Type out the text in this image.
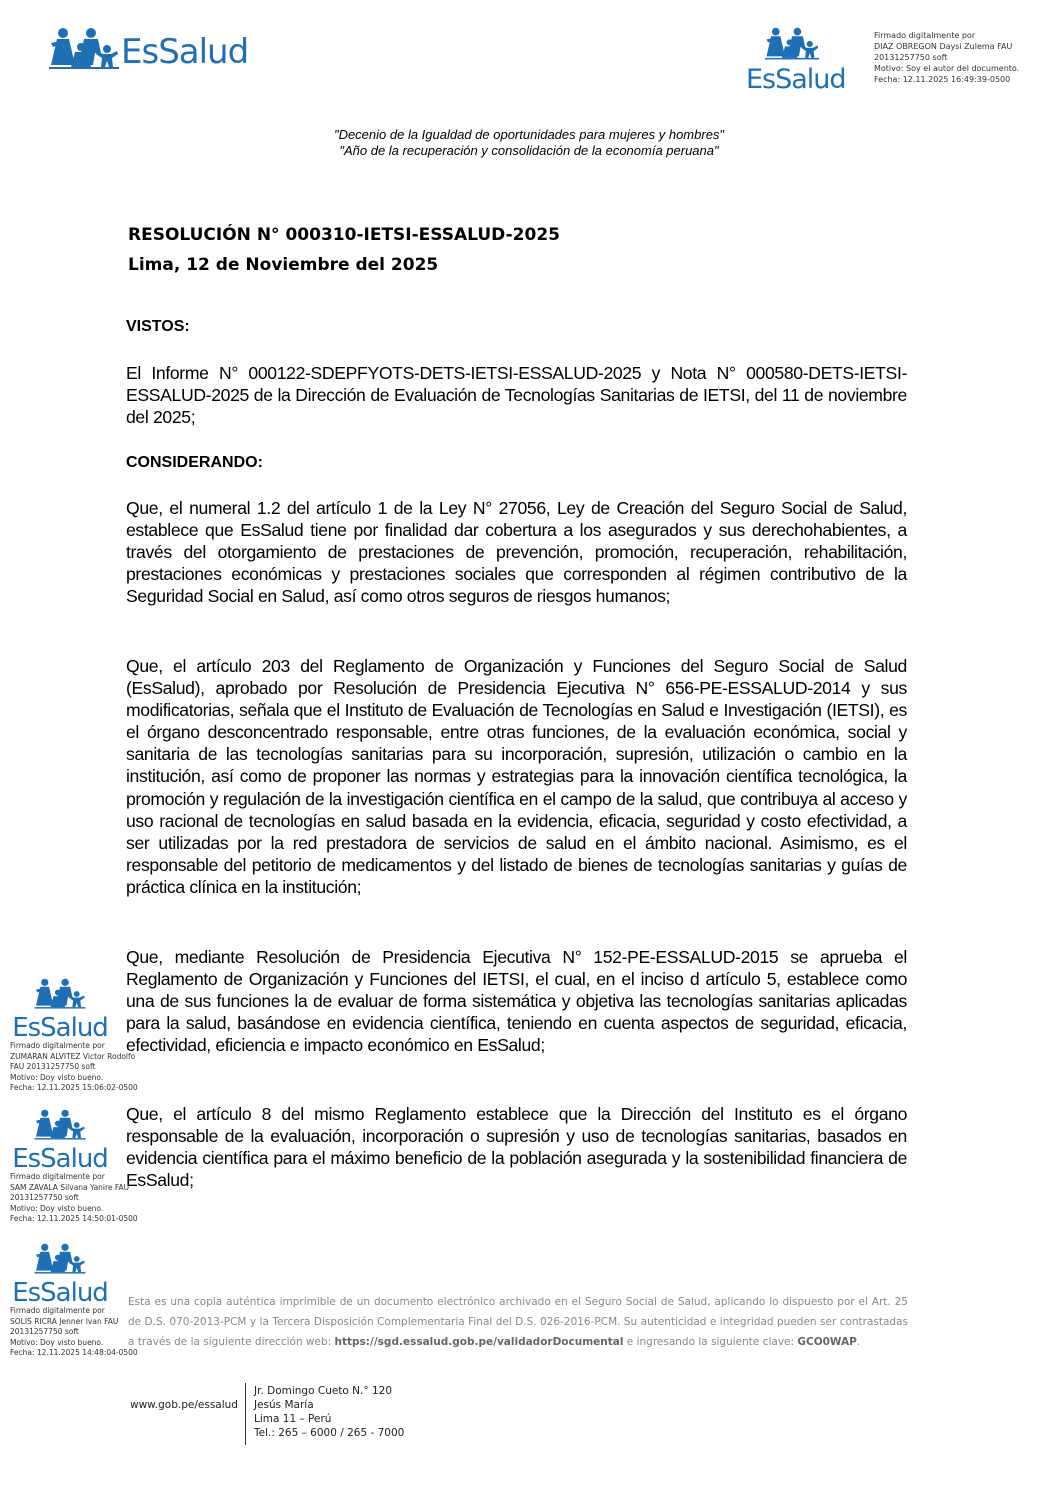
EsSalud
EsSalud
Firmado digitalmente por
DIAZ OBREGON Daysi Zulema FAU
20131257750 soft
Motivo: Soy el autor del documento.
Fecha: 12.11.2025 16:49:39-0500
"Decenio de la Igualdad de oportunidades para mujeres y hombres"
"Año de la recuperación y consolidación de la economía peruana"
RESOLUCIÓN N° 000310-IETSI-ESSALUD-2025
Lima, 12 de Noviembre del 2025
VISTOS:
El Informe N° 000122-SDEPFYOTS-DETS-IETSI-ESSALUD-2025 y Nota N° 000580-DETS-IETSI-ESSALUD-2025 de la Dirección de Evaluación de Tecnologías Sanitarias de IETSI, del 11 de noviembre del 2025;
CONSIDERANDO:
Que, el numeral 1.2 del artículo 1 de la Ley N° 27056, Ley de Creación del Seguro Social de Salud, establece que EsSalud tiene por finalidad dar cobertura a los asegurados y sus derechohabientes, a través del otorgamiento de prestaciones de prevención, promoción, recuperación, rehabilitación, prestaciones económicas y prestaciones sociales que corresponden al régimen contributivo de la Seguridad Social en Salud, así como otros seguros de riesgos humanos;
Que, el artículo 203 del Reglamento de Organización y Funciones del Seguro Social de Salud (EsSalud), aprobado por Resolución de Presidencia Ejecutiva N° 656-PE-ESSALUD-2014 y sus modificatorias, señala que el Instituto de Evaluación de Tecnologías en Salud e Investigación (IETSI), es el órgano desconcentrado responsable, entre otras funciones, de la evaluación económica, social y sanitaria de las tecnologías sanitarias para su incorporación, supresión, utilización o cambio en la institución, así como de proponer las normas y estrategias para la innovación científica tecnológica, la promoción y regulación de la investigación científica en el campo de la salud, que contribuya al acceso y uso racional de tecnologías en salud basada en la evidencia, eficacia, seguridad y costo efectividad, a ser utilizadas por la red prestadora de servicios de salud en el ámbito nacional. Asimismo, es el responsable del petitorio de medicamentos y del listado de bienes de tecnologías sanitarias y guías de práctica clínica en la institución;
Que, mediante Resolución de Presidencia Ejecutiva N° 152-PE-ESSALUD-2015 se aprueba el Reglamento de Organización y Funciones del IETSI, el cual, en el inciso d artículo 5, establece como una de sus funciones la de evaluar de forma sistemática y objetiva las tecnologías sanitarias aplicadas para la salud, basándose en evidencia científica, teniendo en cuenta aspectos de seguridad, eficacia, efectividad, eficiencia e impacto económico en EsSalud;
Que, el artículo 8 del mismo Reglamento establece que la Dirección del Instituto es el órgano responsable de la evaluación, incorporación o supresión y uso de tecnologías sanitarias, basados en evidencia científica para el máximo beneficio de la población asegurada y la sostenibilidad financiera de EsSalud;
EsSalud
Firmado digitalmente por
ZUMARAN ALVITEZ Victor Rodolfo
FAU 20131257750 soft
Motivo: Doy visto bueno.
Fecha: 12.11.2025 15:06:02-0500
EsSalud
Firmado digitalmente por
SAM ZAVALA Silvana Yanire FAU
20131257750 soft
Motivo: Doy visto bueno.
Fecha: 12.11.2025 14:50:01-0500
EsSalud
Firmado digitalmente por
SOLIS RICRA Jenner Ivan FAU
20131257750 soft
Motivo: Doy visto bueno.
Fecha: 12.11.2025 14:48:04-0500
Esta es una copia auténtica imprimible de un documento electrónico archivado en el Seguro Social de Salud, aplicando lo dispuesto por el Art. 25 de D.S. 070-2013-PCM y la Tercera Disposición Complementaria Final del D.S. 026-2016-PCM. Su autenticidad e integridad pueden ser contrastadas a través de la siguiente dirección web: https://sgd.essalud.gob.pe/validadorDocumental e ingresando la siguiente clave: GCO0WAP.
www.gob.pe/essalud
Jr. Domingo Cueto N.° 120
Jesús María
Lima 11 – Perú
Tel.: 265 – 6000 / 265 - 7000
